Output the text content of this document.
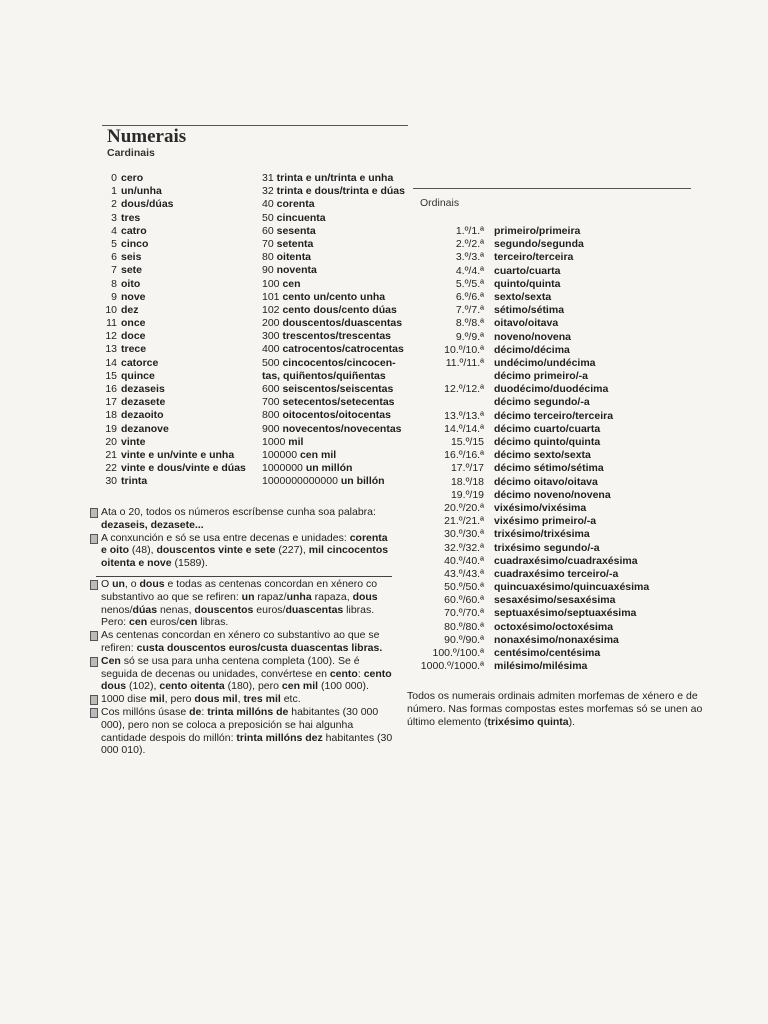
Numerais
Cardinais
Ordinais
0 cero
1 un/unha
2 dous/dúas
3 tres
4 catro
5 cinco
6 seis
7 sete
8 oito
9 nove
10 dez
11 once
12 doce
13 trece
14 catorce
15 quince
16 dezaseis
17 dezasete
18 dezaoito
19 dezanove
20 vinte
21 vinte e un/vinte e unha
22 vinte e dous/vinte e dúas
30 trinta
31 trinta e un/trinta e unha
32 trinta e dous/trinta e dúas
40 corenta
50 cincuenta
60 sesenta
70 setenta
80 oitenta
90 noventa
100 cen
101 cento un/cento unha
102 cento dous/cento dúas
200 douscentos/duascentas
300 trescentos/trescentas
400 catrocentos/catrocentas
500 cincocentos/cincocen-
tas, quiñentos/quiñentas
600 seiscentos/seiscentas
700 setecentos/setecentas
800 oitocentos/oitocentas
900 novecentos/novecentas
1000 mil
100000 cen mil
1000000 un millón
1000000000000 un billón
1.º/1.ª primeiro/primeira
2.º/2.ª segundo/segunda
3.º/3.ª terceiro/terceira
4.º/4.ª cuarto/cuarta
5.º/5.ª quinto/quinta
6.º/6.ª sexto/sexta
7.º/7.ª sétimo/sétima
8.º/8.ª oitavo/oitava
9.º/9.ª noveno/novena
10.º/10.ª décimo/décima
11.º/11.ª undécimo/undécima
décimo primeiro/-a
12.º/12.ª duodécimo/duodécima
décimo segundo/-a
13.º/13.ª décimo terceiro/terceira
14.º/14.ª décimo cuarto/cuarta
15.º/15 décimo quinto/quinta
16.º/16.ª décimo sexto/sexta
17.º/17 décimo sétimo/sétima
18.º/18 décimo oitavo/oitava
19.º/19 décimo noveno/novena
20.º/20.ª vixésimo/vixésima
21.º/21.ª vixésimo primeiro/-a
30.º/30.ª trixésimo/trixésima
32.º/32.ª trixésimo segundo/-a
40.º/40.ª cuadraxésimo/cuadraxésima
43.º/43.ª cuadraxésimo terceiro/-a
50.º/50.ª quincuaxésimo/quincuaxésima
60.º/60.ª sesaxésimo/sesaxésima
70.º/70.ª septuaxésimo/septuaxésima
80.º/80.ª octoxésimo/octoxésima
90.º/90.ª nonaxésimo/nonaxésima
100.º/100.ª centésimo/centésima
1000.º/1000.ª milésimo/milésima
Ata o 20, todos os números escríbense cunha soa palabra: dezaseis, dezasete...
A conxunción e só se usa entre decenas e unidades: corenta e oito (48), douscentos vinte e sete (227), mil cincocentos oitenta e nove (1589).
O un, o dous e todas as centenas concordan en xénero co substantivo ao que se refiren: un rapaz/unha rapaza, dous nenos/dúas nenas, douscentos euros/duascentas libras. Pero: cen euros/cen libras.
As centenas concordan en xénero co substantivo ao que se refiren: custa douscentos euros/custa duascentas libras.
Cen só se usa para unha centena completa (100). Se é seguida de decenas ou unidades, convértese en cento: cento dous (102), cento oitenta (180), pero cen mil (100 000).
1000 dise mil, pero dous mil, tres mil etc.
Cos millóns úsase de: trinta millóns de habitantes (30 000 000), pero non se coloca a preposición se hai algunha cantidade despois do millón: trinta millóns dez habitantes (30 000 010).
Todos os numerais ordinais admiten morfemas de xénero e de número. Nas formas compostas estes morfemas só se unen ao último elemento (trixésimo quinta).
